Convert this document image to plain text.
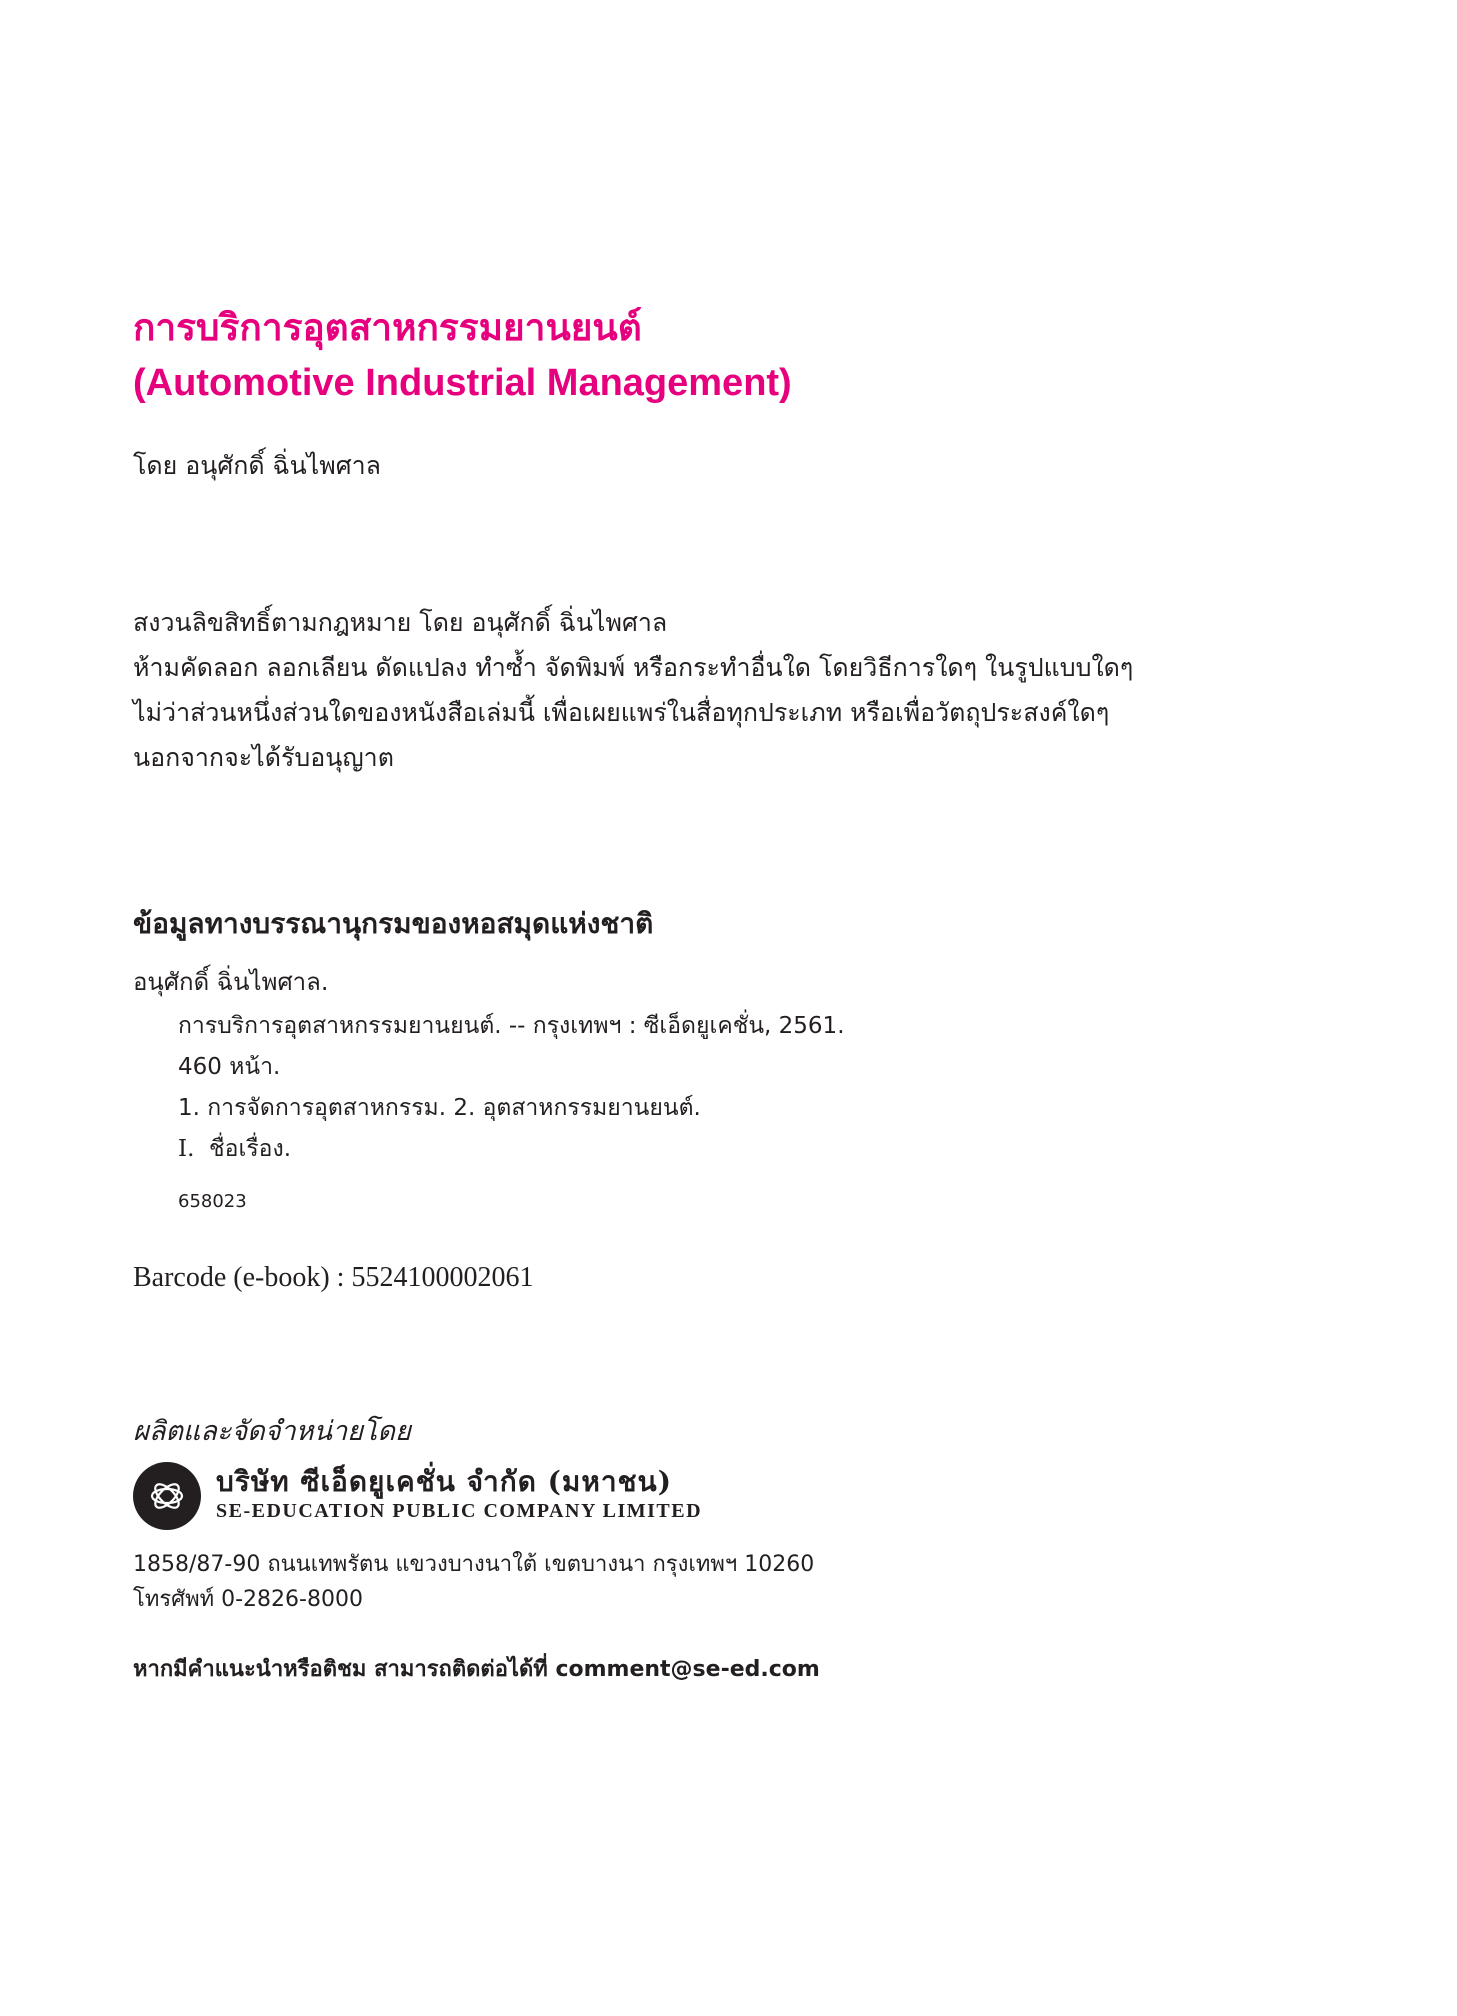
การบริการอุตสาหกรรมยานยนต์
(Automotive Industrial Management)
โดย อนุศักดิ์ ฉิ่นไพศาล
สงวนลิขสิทธิ์ตามกฎหมาย โดย อนุศักดิ์ ฉิ่นไพศาล
ห้ามคัดลอก ลอกเลียน ดัดแปลง ทำซ้ำ จัดพิมพ์ หรือกระทำอื่นใด โดยวิธีการใดๆ ในรูปแบบใดๆ
ไม่ว่าส่วนหนึ่งส่วนใดของหนังสือเล่มนี้ เพื่อเผยแพร่ในสื่อทุกประเภท หรือเพื่อวัตถุประสงค์ใดๆ
นอกจากจะได้รับอนุญาต
ข้อมูลทางบรรณานุกรมของหอสมุดแห่งชาติ
อนุศักดิ์ ฉิ่นไพศาล.
การบริการอุตสาหกรรมยานยนต์. -- กรุงเทพฯ : ซีเอ็ดยูเคชั่น, 2561.
460 หน้า.
1. การจัดการอุตสาหกรรม. 2. อุตสาหกรรมยานยนต์.
I. ชื่อเรื่อง.
658023
Barcode (e-book) : 5524100002061
ผลิตและจัดจำหน่ายโดย
บริษัท ซีเอ็ดยูเคชั่น จำกัด (มหาชน)
SE-EDUCATION PUBLIC COMPANY LIMITED
1858/87-90 ถนนเทพรัตน แขวงบางนาใต้ เขตบางนา กรุงเทพฯ 10260
โทรศัพท์ 0-2826-8000
หากมีคำแนะนำหรือติชม สามารถติดต่อได้ที่ comment@se-ed.com
